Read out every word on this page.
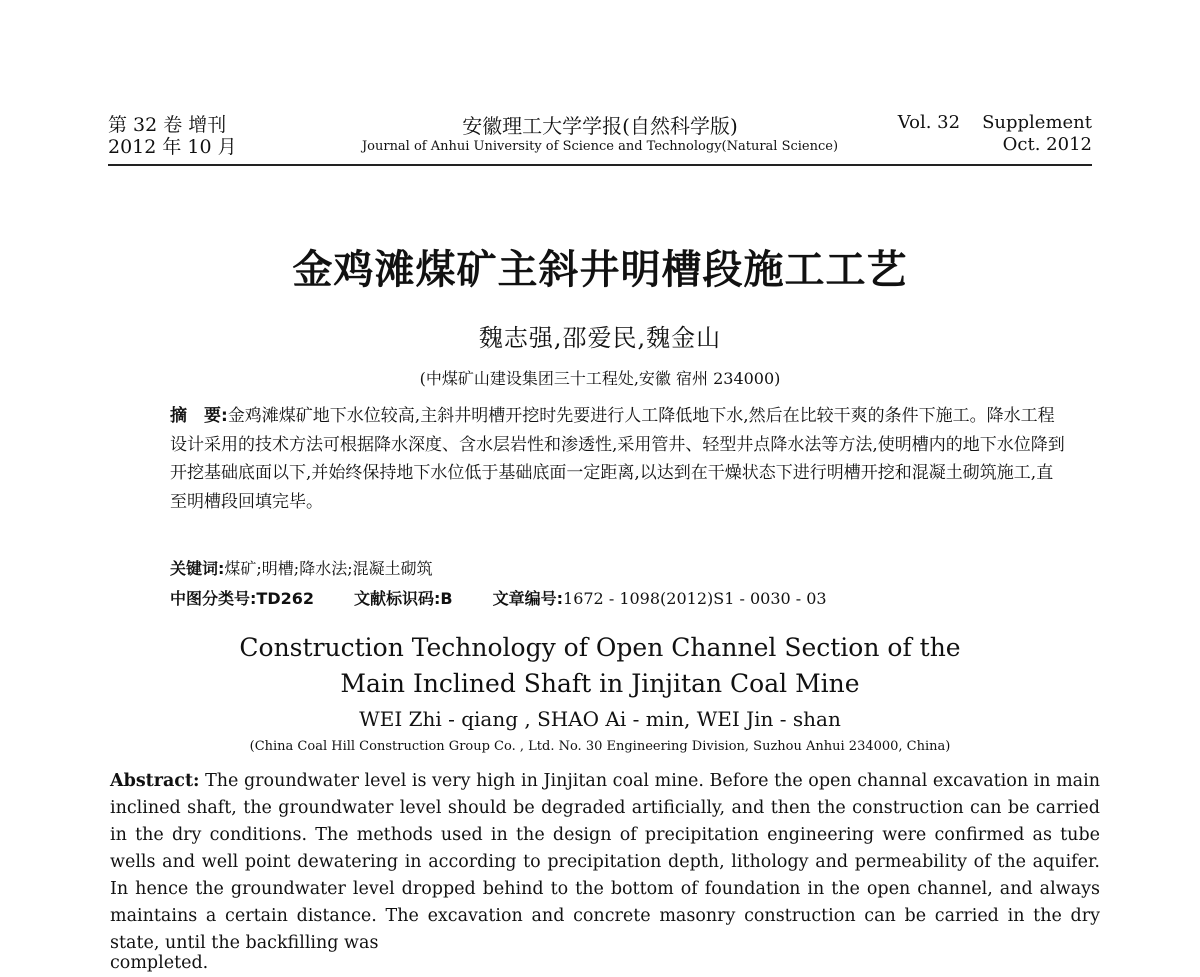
第 32 卷 增刊
2012 年 10 月
安徽理工大学学报(自然科学版)
Journal of Anhui University of Science and Technology(Natural Science)
Vol. 32 Supplement
Oct. 2012
金鸡滩煤矿主斜井明槽段施工工艺
魏志强,邵爱民,魏金山
(中煤矿山建设集团三十工程处,安徽 宿州 234000)
摘　要:金鸡滩煤矿地下水位较高,主斜井明槽开挖时先要进行人工降低地下水,然后在比较干爽的条件下施工。降水工程设计采用的技术方法可根据降水深度、含水层岩性和渗透性,采用管井、轻型井点降水法等方法,使明槽内的地下水位降到开挖基础底面以下,并始终保持地下水位低于基础底面一定距离,以达到在干燥状态下进行明槽开挖和混凝土砌筑施工,直至明槽段回填完毕。
关键词:煤矿;明槽;降水法;混凝土砌筑
中图分类号:TD262	文献标识码:B	文章编号:1672 - 1098(2012)S1 - 0030 - 03
Construction Technology of Open Channel Section of the
Main Inclined Shaft in Jinjitan Coal Mine
WEI Zhi - qiang , SHAO Ai - min, WEI Jin - shan
(China Coal Hill Construction Group Co. , Ltd. No. 30 Engineering Division, Suzhou Anhui 234000, China)
Abstract: The groundwater level is very high in Jinjitan coal mine. Before the open channal excavation in main inclined shaft, the groundwater level should be degraded artificially, and then the construction can be carried in the dry conditions. The methods used in the design of precipitation engineering were confirmed as tube wells and well point dewatering in according to precipitation depth, lithology and permeability of the aquifer. In hence the groundwater level dropped behind to the bottom of foundation in the open channel, and always maintains a certain distance. The excavation and concrete masonry construction can be carried in the dry state, until the backfilling was
completed.
